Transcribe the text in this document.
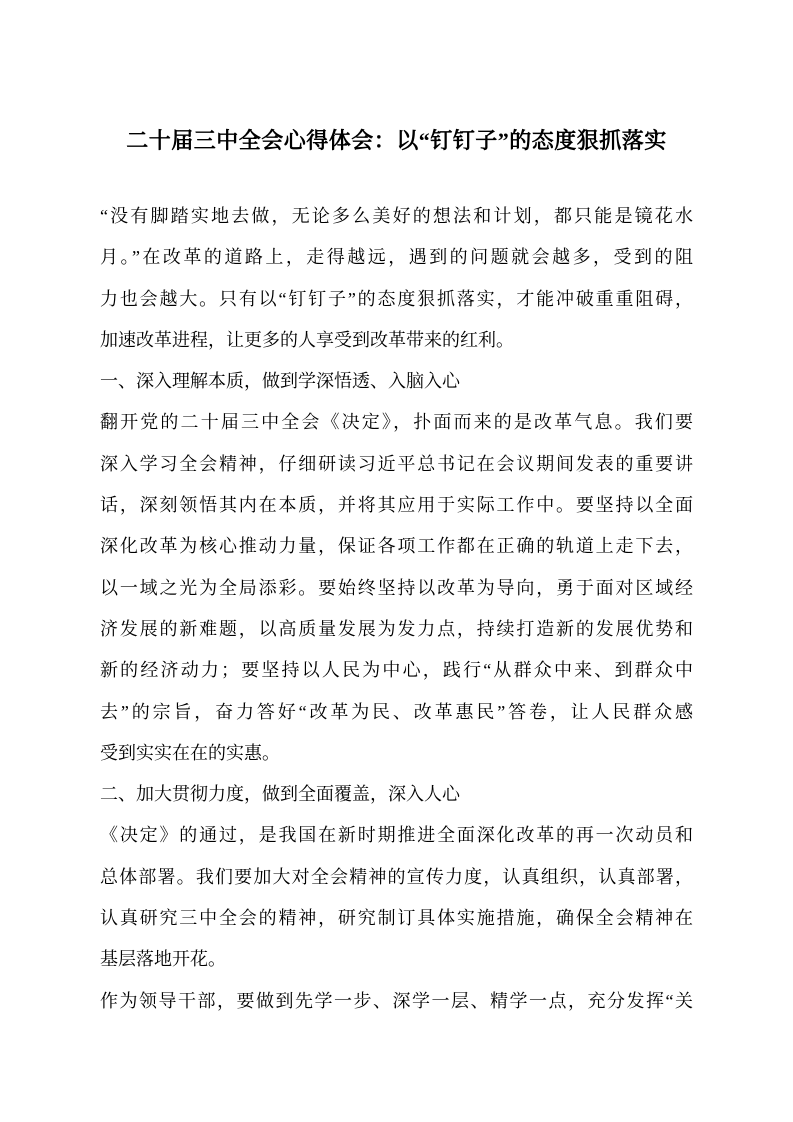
二十届三中全会心得体会：以“钉钉子”的态度狠抓落实
“没有脚踏实地去做，无论多么美好的想法和计划，都只能是镜花水
月。”在改革的道路上，走得越远，遇到的问题就会越多，受到的阻
力也会越大。只有以“钉钉子”的态度狠抓落实，才能冲破重重阻碍，
加速改革进程，让更多的人享受到改革带来的红利。
一、深入理解本质，做到学深悟透、入脑入心
翻开党的二十届三中全会《决定》，扑面而来的是改革气息。我们要
深入学习全会精神，仔细研读习近平总书记在会议期间发表的重要讲
话，深刻领悟其内在本质，并将其应用于实际工作中。要坚持以全面
深化改革为核心推动力量，保证各项工作都在正确的轨道上走下去，
以一域之光为全局添彩。要始终坚持以改革为导向，勇于面对区域经
济发展的新难题，以高质量发展为发力点，持续打造新的发展优势和
新的经济动力；要坚持以人民为中心，践行“从群众中来、到群众中
去”的宗旨，奋力答好“改革为民、改革惠民”答卷，让人民群众感
受到实实在在的实惠。
二、加大贯彻力度，做到全面覆盖，深入人心
《决定》的通过，是我国在新时期推进全面深化改革的再一次动员和
总体部署。我们要加大对全会精神的宣传力度，认真组织，认真部署，
认真研究三中全会的精神，研究制订具体实施措施，确保全会精神在
基层落地开花。
作为领导干部，要做到先学一步、深学一层、精学一点，充分发挥“关
